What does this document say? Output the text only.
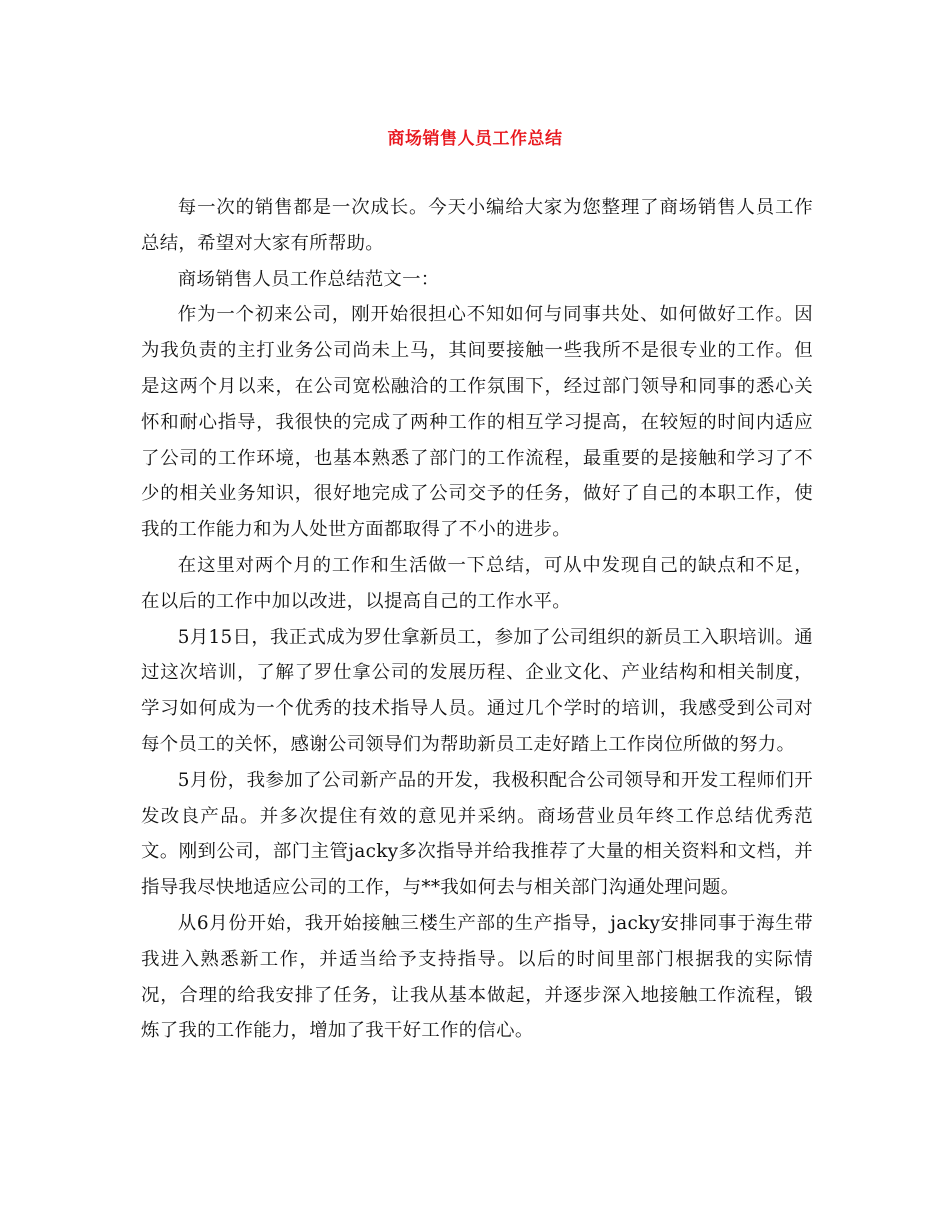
商场销售人员工作总结

每一次的销售都是一次成长。今天小编给大家为您整理了商场销售人员工作总结，希望对大家有所帮助。

商场销售人员工作总结范文一：

作为一个初来公司，刚开始很担心不知如何与同事共处、如何做好工作。因为我负责的主打业务公司尚未上马，其间要接触一些我所不是很专业的工作。但是这两个月以来，在公司宽松融洽的工作氛围下，经过部门领导和同事的悉心关怀和耐心指导，我很快的完成了两种工作的相互学习提高，在较短的时间内适应了公司的工作环境，也基本熟悉了部门的工作流程，最重要的是接触和学习了不少的相关业务知识，很好地完成了公司交予的任务，做好了自己的本职工作，使我的工作能力和为人处世方面都取得了不小的进步。

在这里对两个月的工作和生活做一下总结，可从中发现自己的缺点和不足，在以后的工作中加以改进，以提高自己的工作水平。

5月15日，我正式成为罗仕拿新员工，参加了公司组织的新员工入职培训。通过这次培训，了解了罗仕拿公司的发展历程、企业文化、产业结构和相关制度，学习如何成为一个优秀的技术指导人员。通过几个学时的培训，我感受到公司对每个员工的关怀，感谢公司领导们为帮助新员工走好踏上工作岗位所做的努力。

5月份，我参加了公司新产品的开发，我极积配合公司领导和开发工程师们开发改良产品。并多次提住有效的意见并采纳。商场营业员年终工作总结优秀范文。刚到公司，部门主管jacky多次指导并给我推荐了大量的相关资料和文档，并指导我尽快地适应公司的工作，与**我如何去与相关部门沟通处理问题。

从6月份开始，我开始接触三楼生产部的生产指导，jacky安排同事于海生带我进入熟悉新工作，并适当给予支持指导。以后的时间里部门根据我的实际情况，合理的给我安排了任务，让我从基本做起，并逐步深入地接触工作流程，锻炼了我的工作能力，增加了我干好工作的信心。
